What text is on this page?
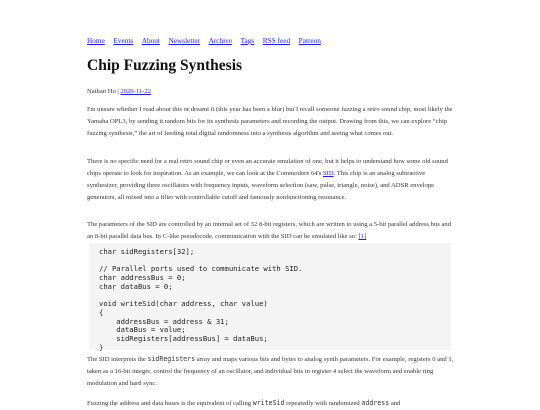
Home Events About Newsletter Archive Tags RSS feed Patreon
Chip Fuzzing Synthesis
Nathan Ho | 2020-11-22

I'm unsure whether I read about this or dreamt it (this year has been a blur) but I recall someone fuzzing a retro sound chip, most likely the Yamaha OPL3, by sending it random bits for its synthesis parameters and recording the output. Drawing from this, we can explore “chip fuzzing synthesis,” the art of feeding total digital randomness into a synthesis algorithm and seeing what comes out.

There is no specific need for a real retro sound chip or even an accurate emulation of one, but it helps to understand how some old sound chips operate to look for inspiration. As an example, we can look at the Commodore 64's SID. This chip is an analog subtractive synthesizer, providing three oscillators with frequency inputs, waveform selection (saw, pulse, triangle, noise), and ADSR envelope generators, all mixed into a filter with controllable cutoff and famously nonfunctioning resonance.

The parameters of the SID are controlled by an internal set of 32 8-bit registers, which are written to using a 5-bit parallel address bus and an 8-bit parallel data bus. In C-like pseudocode, communication with the SID can be emulated like so: [1]

char sidRegisters[32];

// Parallel ports used to communicate with SID.
char addressBus = 0;
char dataBus = 0;

void writeSid(char address, char value)
{
addressBus = address & 31;
dataBus = value;
sidRegisters[addressBus] = dataBus;
}

The SID interprets the sidRegisters array and maps various bits and bytes to analog synth parameters. For example, registers 0 and 1, taken as a 16-bit integer, control the frequency of an oscillator, and individual bits in register 4 select the waveform and enable ring modulation and hard sync.

Fuzzing the address and data buses is the equivalent of calling writeSid repeatedly with randomized address and
